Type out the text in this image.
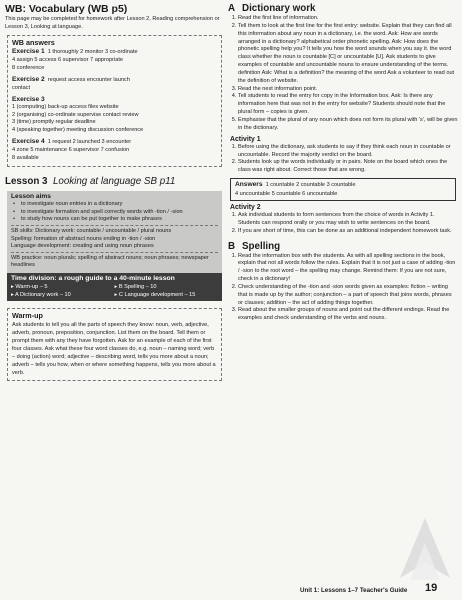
WB: Vocabulary (WB p5)
This page may be completed for homework after Lesson 2, Reading comprehension or Lesson 3, Looking at language.
WB answers
Exercise 1 1 thoroughly 2 monitor 3 co-ordinate
4 assign 5 access 6 supervisor 7 appropriate
8 conference
Exercise 2 request access encounter launch
contact
Exercise 3
1 (computing) back-up access files website
2 (organising) co-ordinate supervise contact review
3 (time) promptly regular deadline
4 (speaking together) meeting discussion conference
Exercise 4 1 request 2 launched 3 encounter
4 zone 5 maintenance 6 supervisor 7 confusion
8 available
Lesson 3 Looking at language SB p11
Lesson aims
• to investigate noun entries in a dictionary
• to investigate formation and spell correctly words with -tion / -sion
• to study how nouns can be put together to make phrases
SB skills: Dictionary work: countable / uncountable / plural nouns
Spelling: formation of abstract nouns ending in -tion / -sion
Language development: creating and using noun phrases
WB practice: noun plurals; spelling of abstract nouns; noun phrases; newspaper headlines
Time division: a rough guide to a 40-minute lesson
▸ Warm-up – 5	▸ B Spelling – 10
▸ A Dictionary work – 10	▸ C Language development – 15
Warm-up
Ask students to tell you all the parts of speech they know: noun, verb, adjective, adverb, pronoun, preposition, conjunction. List them on the board. Tell them or prompt them with any they have forgotten. Ask for an example of each of the first four classes. Ask what these four word classes do, e.g. noun – naming word; verb – doing (action) word; adjective – describing word, tells you more about a noun; adverb – tells you how, when or where something happens, tells you more about a verb.
A Dictionary work
1. Read the first line of information.
2. Tell them to look at the first line for the first entry: website. Explain that they can find all this information about any noun in a dictionary, i.e. the word. Ask: How are words arranged in a dictionary? alphabetical order phonetic spelling. Ask: How does the phonetic spelling help you? It tells you how the word sounds when you say it. the word class whether the noun is countable [C] or uncountable [U]. Ask students to give examples of countable and uncountable nouns to ensure understanding of the terms. definition Ask: What is a definition? the meaning of the word Ask a volunteer to read out the definition of website.
3. Read the next information point.
4. Tell students to read the entry for copy in the Information box. Ask: Is there any information here that was not in the entry for website? Students should note that the plural form – copies is given.
5. Emphasise that the plural of any noun which does not form its plural with 's', will be given in the dictionary.
Activity 1
1. Before using the dictionary, ask students to say if they think each noun in countable or uncountable. Record the majority verdict on the board.
2. Students look up the words individually or in pairs. Note on the board which ones the class was right about. Correct those that are wrong.
Answers 1 countable 2 countable 3 countable
4 uncountable 5 countable 6 uncountable
Activity 2
1. Ask individual students to form sentences from the choice of words in Activity 1. Students can respond orally or you may wish to write sentences on the board.
2. If you are short of time, this can be done as an additional independent homework task.
B Spelling
1. Read the information box with the students. As with all spelling sections in the book, explain that not all words follow the rules. Explain that it is not just a case of adding -tion / -sion to the root word – the spelling may change. Remind them: If you are not sure, check in a dictionary!
2. Check understanding of the -tion and -sion words given as examples: fiction – writing that is made up by the author; conjunction – a part of speech that joins words, phrases or clauses; addition – the act of adding things together.
3. Read about the smaller groups of nouns and point out the different endings. Read the examples and check understanding of the verbs and nouns.
Unit 1: Lessons 1–7 Teacher's Guide 19
